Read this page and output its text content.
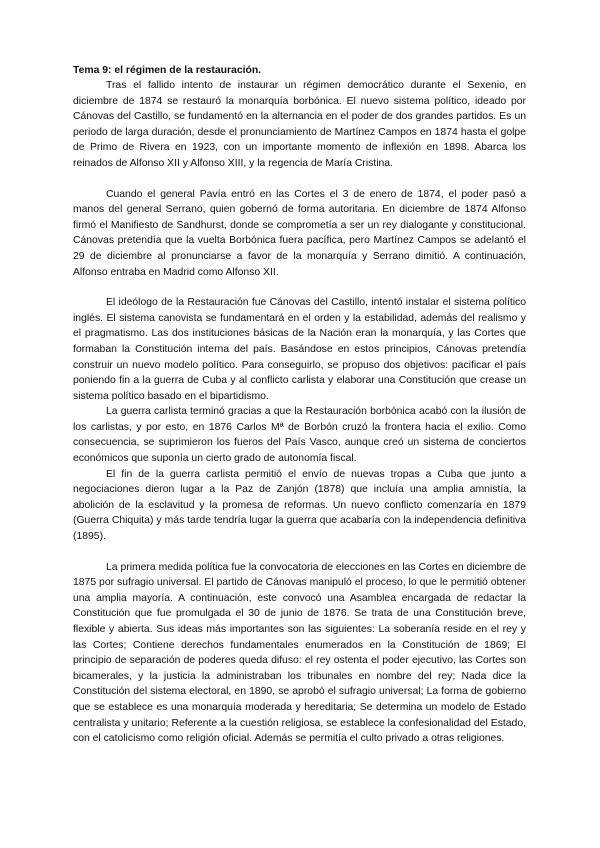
Tema 9: el régimen de la restauración.

Tras el fallido intento de instaurar un régimen democrático durante el Sexenio, en diciembre de 1874 se restauró la monarquía borbónica. El nuevo sistema político, ideado por Cánovas del Castillo, se fundamentó en la alternancia en el poder de dos grandes partidos. Es un periodo de larga duración, desde el pronunciamiento de Martínez Campos en 1874 hasta el golpe de Primo de Rivera en 1923, con un importante momento de inflexión en 1898. Abarca los reinados de Alfonso XII y Alfonso XIII, y la regencia de María Cristina.

Cuando el general Pavía entró en las Cortes el 3 de enero de 1874, el poder pasó a manos del general Serrano, quien gobernó de forma autoritaria. En diciembre de 1874 Alfonso firmó el Manifiesto de Sandhurst, donde se comprometía a ser un rey dialogante y constitucional. Cánovas pretendía que la vuelta Borbónica fuera pacífica, pero Martínez Campos se adelantó el 29 de diciembre al pronunciarse a favor de la monarquía y Serrano dimitió. A continuación, Alfonso entraba en Madrid como Alfonso XII.

El ideólogo de la Restauración fue Cánovas del Castillo, intentó instalar el sistema político inglés. El sistema canovista se fundamentará en el orden y la estabilidad, además del realismo y el pragmatismo. Las dos instituciones básicas de la Nación eran la monarquía, y las Cortes que formaban la Constitución interna del país. Basándose en estos principios, Cánovas pretendía construir un nuevo modelo político. Para conseguirlo, se propuso dos objetivos: pacificar el país poniendo fin a la guerra de Cuba y al conflicto carlista y elaborar una Constitución que crease un sistema político basado en el bipartidismo.

La guerra carlista terminó gracias a que la Restauración borbónica acabó con la ilusión de los carlistas, y por esto, en 1876 Carlos Mª de Borbón cruzó la frontera hacia el exilio. Como consecuencia, se suprimieron los fueros del País Vasco, aunque creó un sistema de conciertos económicos que suponía un cierto grado de autonomía fiscal.

El fin de la guerra carlista permitió el envío de nuevas tropas a Cuba que junto a negociaciones dieron lugar a la Paz de Zanjón (1878) que incluía una amplia amnistía, la abolición de la esclavitud y la promesa de reformas. Un nuevo conflicto comenzaría en 1879 (Guerra Chiquita) y más tarde tendría lugar la guerra que acabaría con la independencia definitiva (1895).

La primera medida política fue la convocatoria de elecciones en las Cortes en diciembre de 1875 por sufragio universal. El partido de Cánovas manipuló el proceso, lo que le permitió obtener una amplia mayoría. A continuación, este convocó una Asamblea encargada de redactar la Constitución que fue promulgada el 30 de junio de 1876. Se trata de una Constitución breve, flexible y abierta. Sus ideas más importantes son las siguientes: La soberanía reside en el rey y las Cortes; Contiene derechos fundamentales enumerados en la Constitución de 1869; El principio de separación de poderes queda difuso: el rey ostenta el poder ejecutivo, las Cortes son bicamerales, y la justicia la administraban los tribunales en nombre del rey; Nada dice la Constitución del sistema electoral, en 1890, se aprobó el sufragio universal; La forma de gobierno que se establece es una monarquía moderada y hereditaria; Se determina un modelo de Estado centralista y unitario; Referente a la cuestión religiosa, se establece la confesionalidad del Estado, con el catolicismo como religión oficial. Además se permitía el culto privado a otras religiones.
